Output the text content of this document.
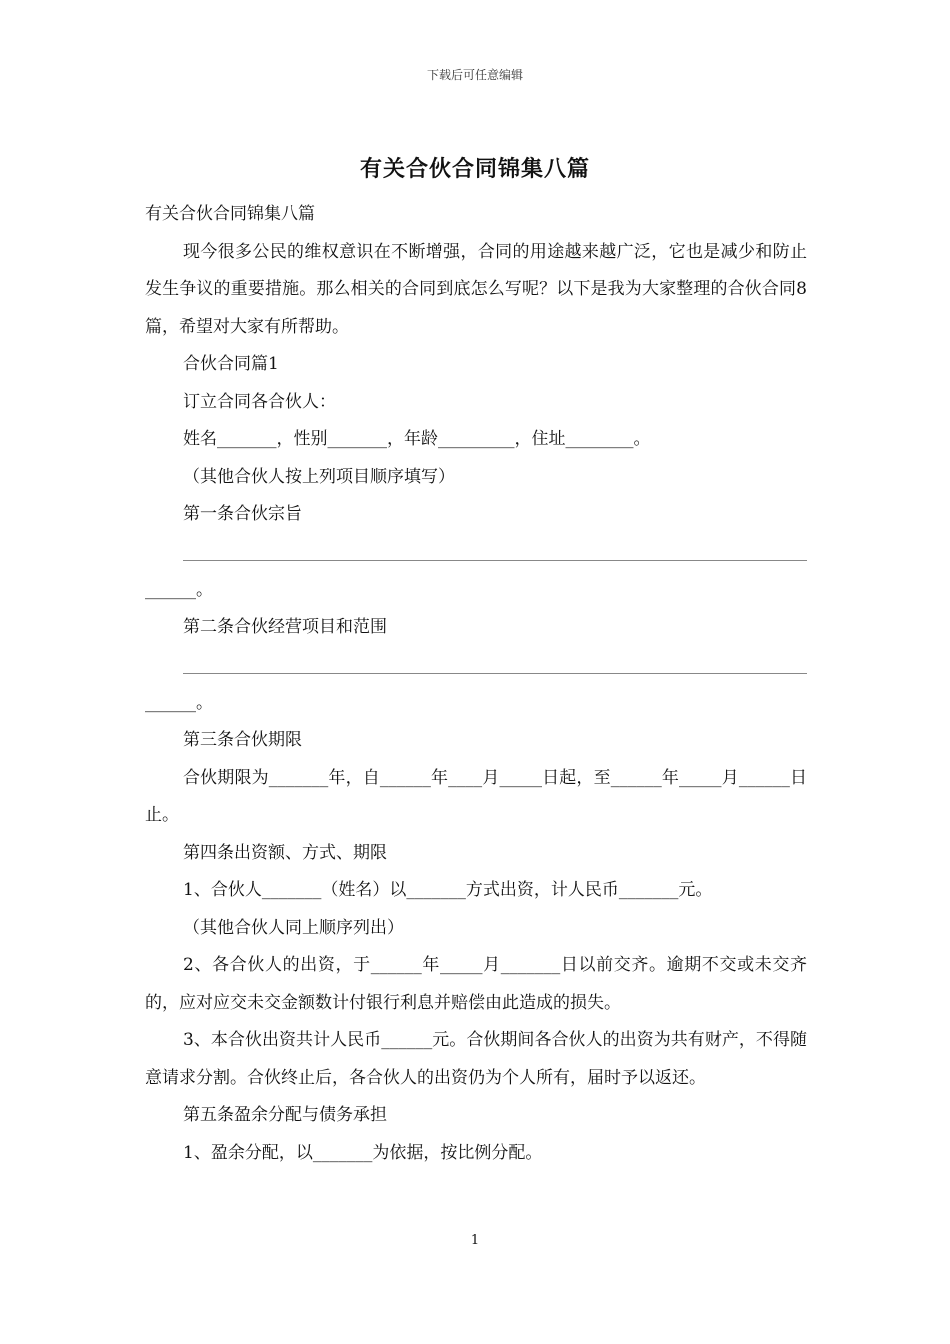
下载后可任意编辑
有关合伙合同锦集八篇

有关合伙合同锦集八篇

现今很多公民的维权意识在不断增强，合同的用途越来越广泛，它也是减少和防止发生争议的重要措施。那么相关的合同到底怎么写呢？以下是我为大家整理的合伙合同8篇，希望对大家有所帮助。

合伙合同篇1

订立合同各合伙人：

姓名_______，性别_______，年龄_________，住址________。

（其他合伙人按上列项目顺序填写）

第一条合伙宗旨

______。

第二条合伙经营项目和范围

______。

第三条合伙期限

合伙期限为_______年，自______年____月_____日起，至______年_____月______日止。

第四条出资额、方式、期限

1、合伙人_______（姓名）以_______方式出资，计人民币_______元。

（其他合伙人同上顺序列出）

2、各合伙人的出资，于______年_____月_______日以前交齐。逾期不交或未交齐的，应对应交未交金额数计付银行利息并赔偿由此造成的损失。

3、本合伙出资共计人民币______元。合伙期间各合伙人的出资为共有财产，不得随意请求分割。合伙终止后，各合伙人的出资仍为个人所有，届时予以返还。

第五条盈余分配与债务承担

1、盈余分配，以_______为依据，按比例分配。

1
